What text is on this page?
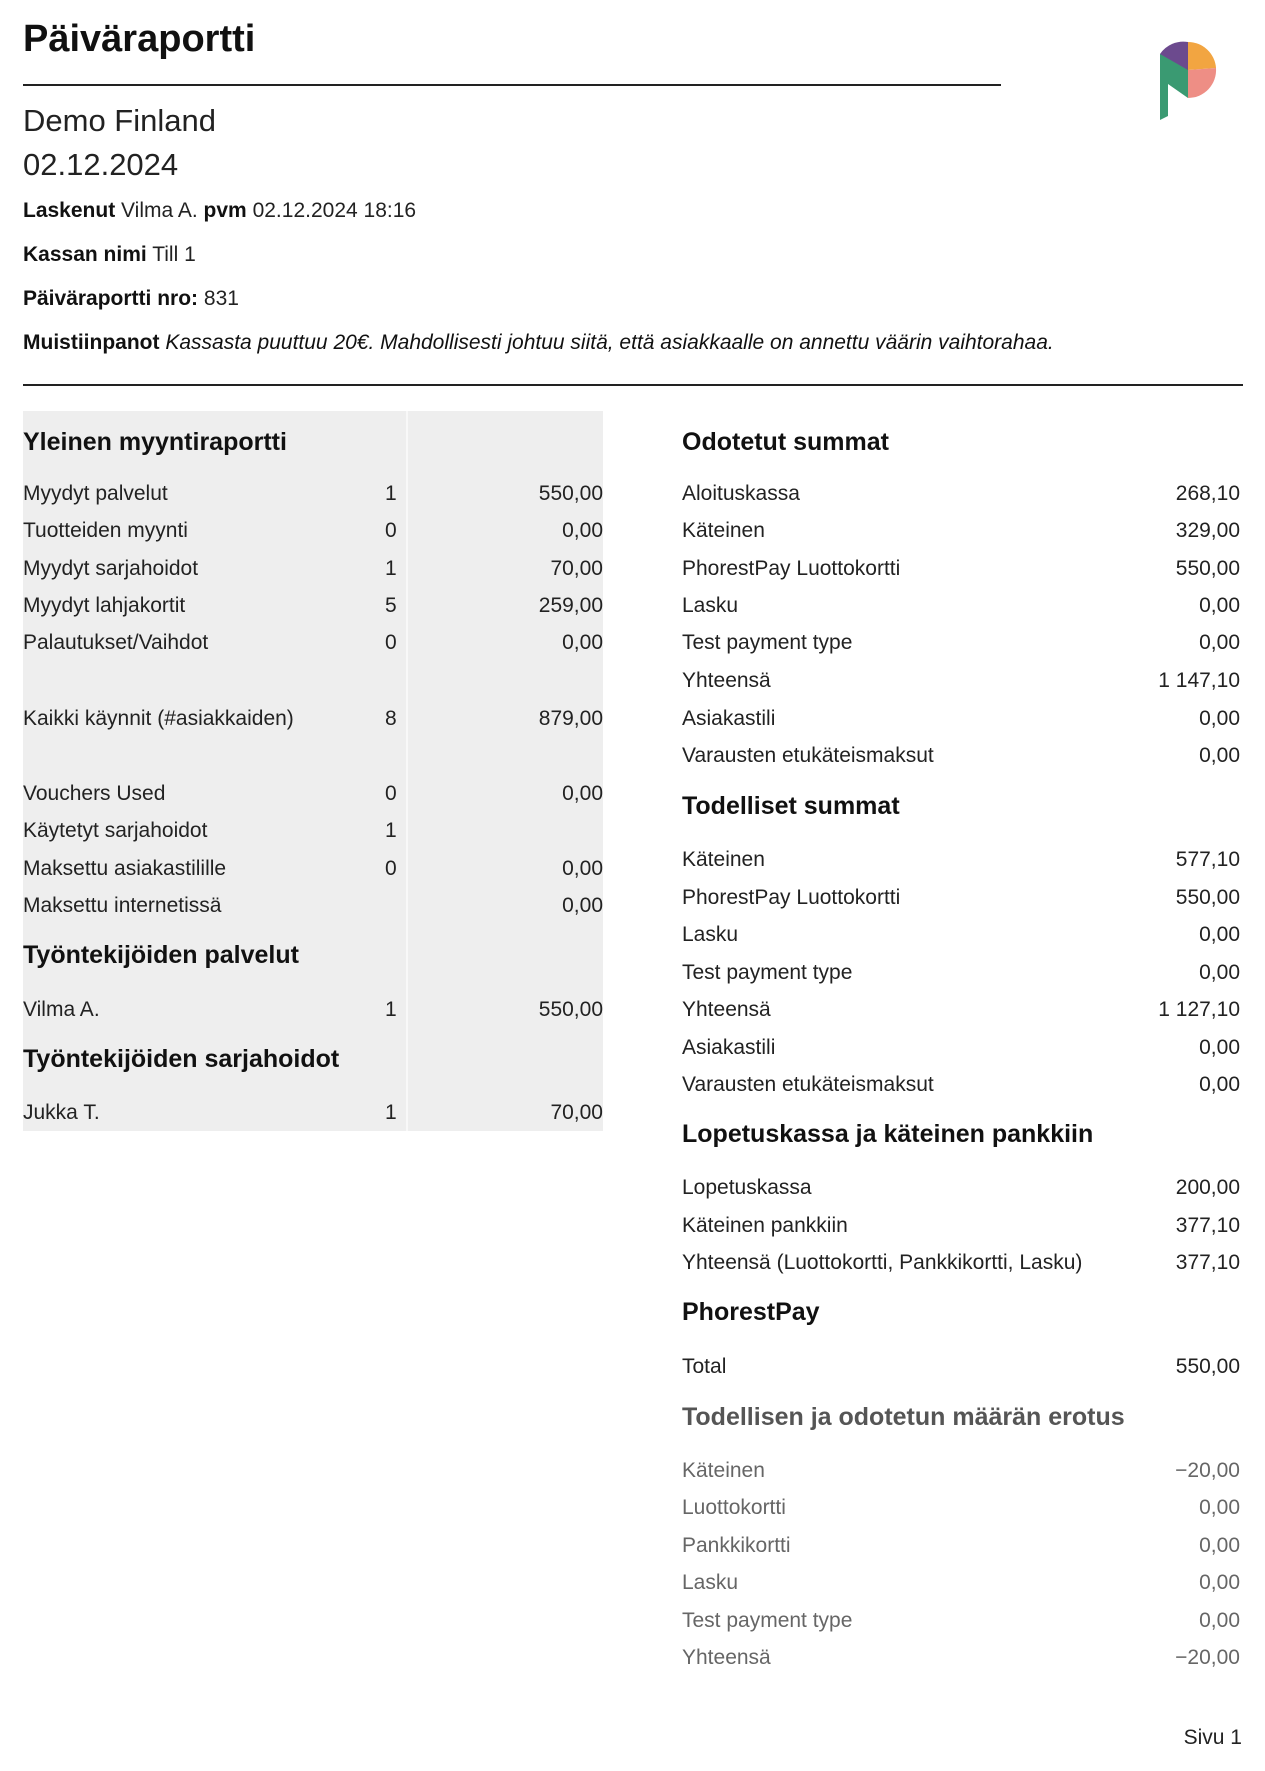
Päiväraportti
Demo Finland
02.12.2024
Laskenut Vilma A. pvm 02.12.2024 18:16
Kassan nimi Till 1
Päiväraportti nro: 831
Muistiinpanot Kassasta puuttuu 20€. Mahdollisesti johtuu siitä, että asiakkaalle on annettu väärin vaihtorahaa.
Yleinen myyntiraportti
Työntekijöiden palvelut
Työntekijöiden sarjahoidot
Odotetut summat
Todelliset summat
Lopetuskassa ja käteinen pankkiin
PhorestPay
Todellisen ja odotetun määrän erotus
Myydyt palvelut	1	550,00
Tuotteiden myynti	0	0,00
Myydyt sarjahoidot	1	70,00
Myydyt lahjakortit	5	259,00
Palautukset/Vaihdot	0	0,00
Kaikki käynnit (#asiakkaiden)	8	879,00
Vouchers Used	0	0,00
Käytetyt sarjahoidot	1
Maksettu asiakastilille	0	0,00
Maksettu internetissä	0,00
Vilma A.	1	550,00
Jukka T.	1	70,00
Aloituskassa	268,10
Käteinen	329,00
PhorestPay Luottokortti	550,00
Lasku	0,00
Test payment type	0,00
Yhteensä	1 147,10
Asiakastili	0,00
Varausten etukäteismaksut	0,00
Käteinen	577,10
PhorestPay Luottokortti	550,00
Lasku	0,00
Test payment type	0,00
Yhteensä	1 127,10
Asiakastili	0,00
Varausten etukäteismaksut	0,00
Lopetuskassa	200,00
Käteinen pankkiin	377,10
Yhteensä (Luottokortti, Pankkikortti, Lasku)	377,10
Total	550,00
Käteinen	−20,00
Luottokortti	0,00
Pankkikortti	0,00
Lasku	0,00
Test payment type	0,00
Yhteensä	−20,00
Sivu 1
